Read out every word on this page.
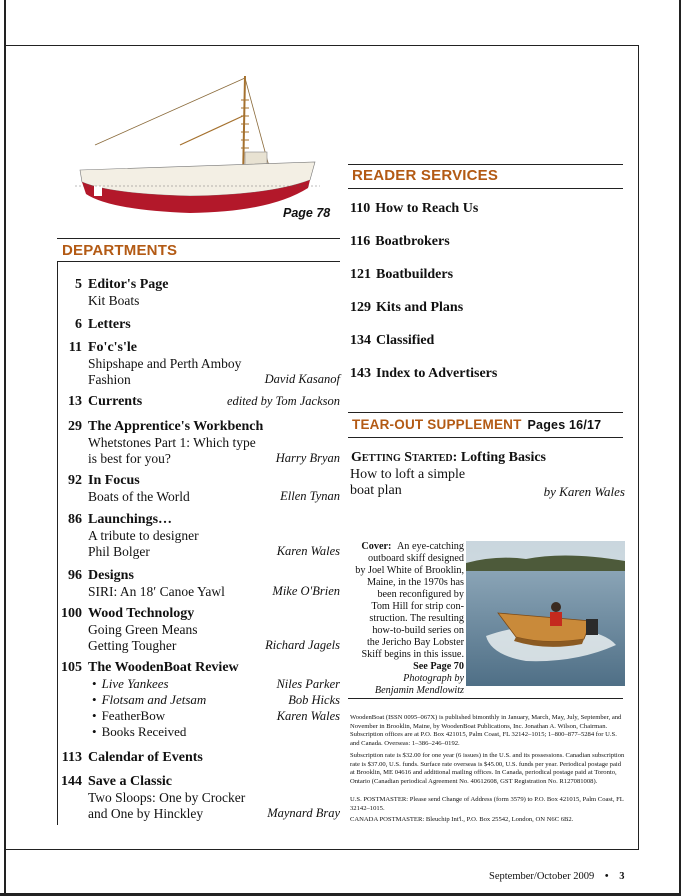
Page 78
DEPARTMENTS
5 Editor's Page
Kit Boats
6 Letters
11 Fo'c's'le
Shipshape and Perth Amboy
Fashion	David Kasanof
13 Currents	edited by Tom Jackson
29 The Apprentice's Workbench
Whetstones Part 1: Which type
is best for you?	Harry Bryan
92 In Focus
Boats of the World	Ellen Tynan
86 Launchings…
A tribute to designer
Phil Bolger	Karen Wales
96 Designs
SIRI: An 18′ Canoe Yawl	Mike O'Brien
100 Wood Technology
Going Green Means
Getting Tougher	Richard Jagels
105 The WoodenBoat Review
• Live Yankees	Niles Parker
• Flotsam and Jetsam	Bob Hicks
• FeatherBow	Karen Wales
• Books Received
113 Calendar of Events
144 Save a Classic
Two Sloops: One by Crocker
and One by Hinckley	Maynard Bray
READER SERVICES
110 How to Reach Us
116 Boatbrokers
121 Boatbuilders
129 Kits and Plans
134 Classified
143 Index to Advertisers
TEAR-OUT SUPPLEMENT Pages 16/17
Getting Started: Lofting Basics
How to loft a simple
boat plan	by Karen Wales
Cover: An eye-catching
outboard skiff designed
by Joel White of Brooklin,
Maine, in the 1970s has
been reconfigured by
Tom Hill for strip con-
struction. The resulting
how-to-build series on
the Jericho Bay Lobster
Skiff begins in this issue.
See Page 70
Photograph by
Benjamin Mendlowitz
WoodenBoat (ISSN 0095–067X) is published bimonthly in January, March, May, July, September, and November in Brooklin, Maine, by WoodenBoat Publications, Inc. Jonathan A. Wilson, Chairman. Subscription offices are at P.O. Box 421015, Palm Coast, FL 32142–1015; 1–800–877–5284 for U.S. and Canada. Overseas: 1–386–246–0192.
Subscription rate is $32.00 for one year (6 issues) in the U.S. and its possessions. Canadian subscription rate is $37.00, U.S. funds. Surface rate overseas is $45.00, U.S. funds per year. Periodical postage paid at Brooklin, ME 04616 and additional mailing offices. In Canada, periodical postage paid at Toronto, Ontario (Canadian periodical Agreement No. 40612608, GST Registration No. R127081008).
U.S. POSTMASTER: Please send Change of Address (form 3579) to P.O. Box 421015, Palm Coast, FL 32142–1015.
CANADA POSTMASTER: Bleuchip Int'l., P.O. Box 25542, London, ON N6C 6B2.
September/October 2009 • 3
